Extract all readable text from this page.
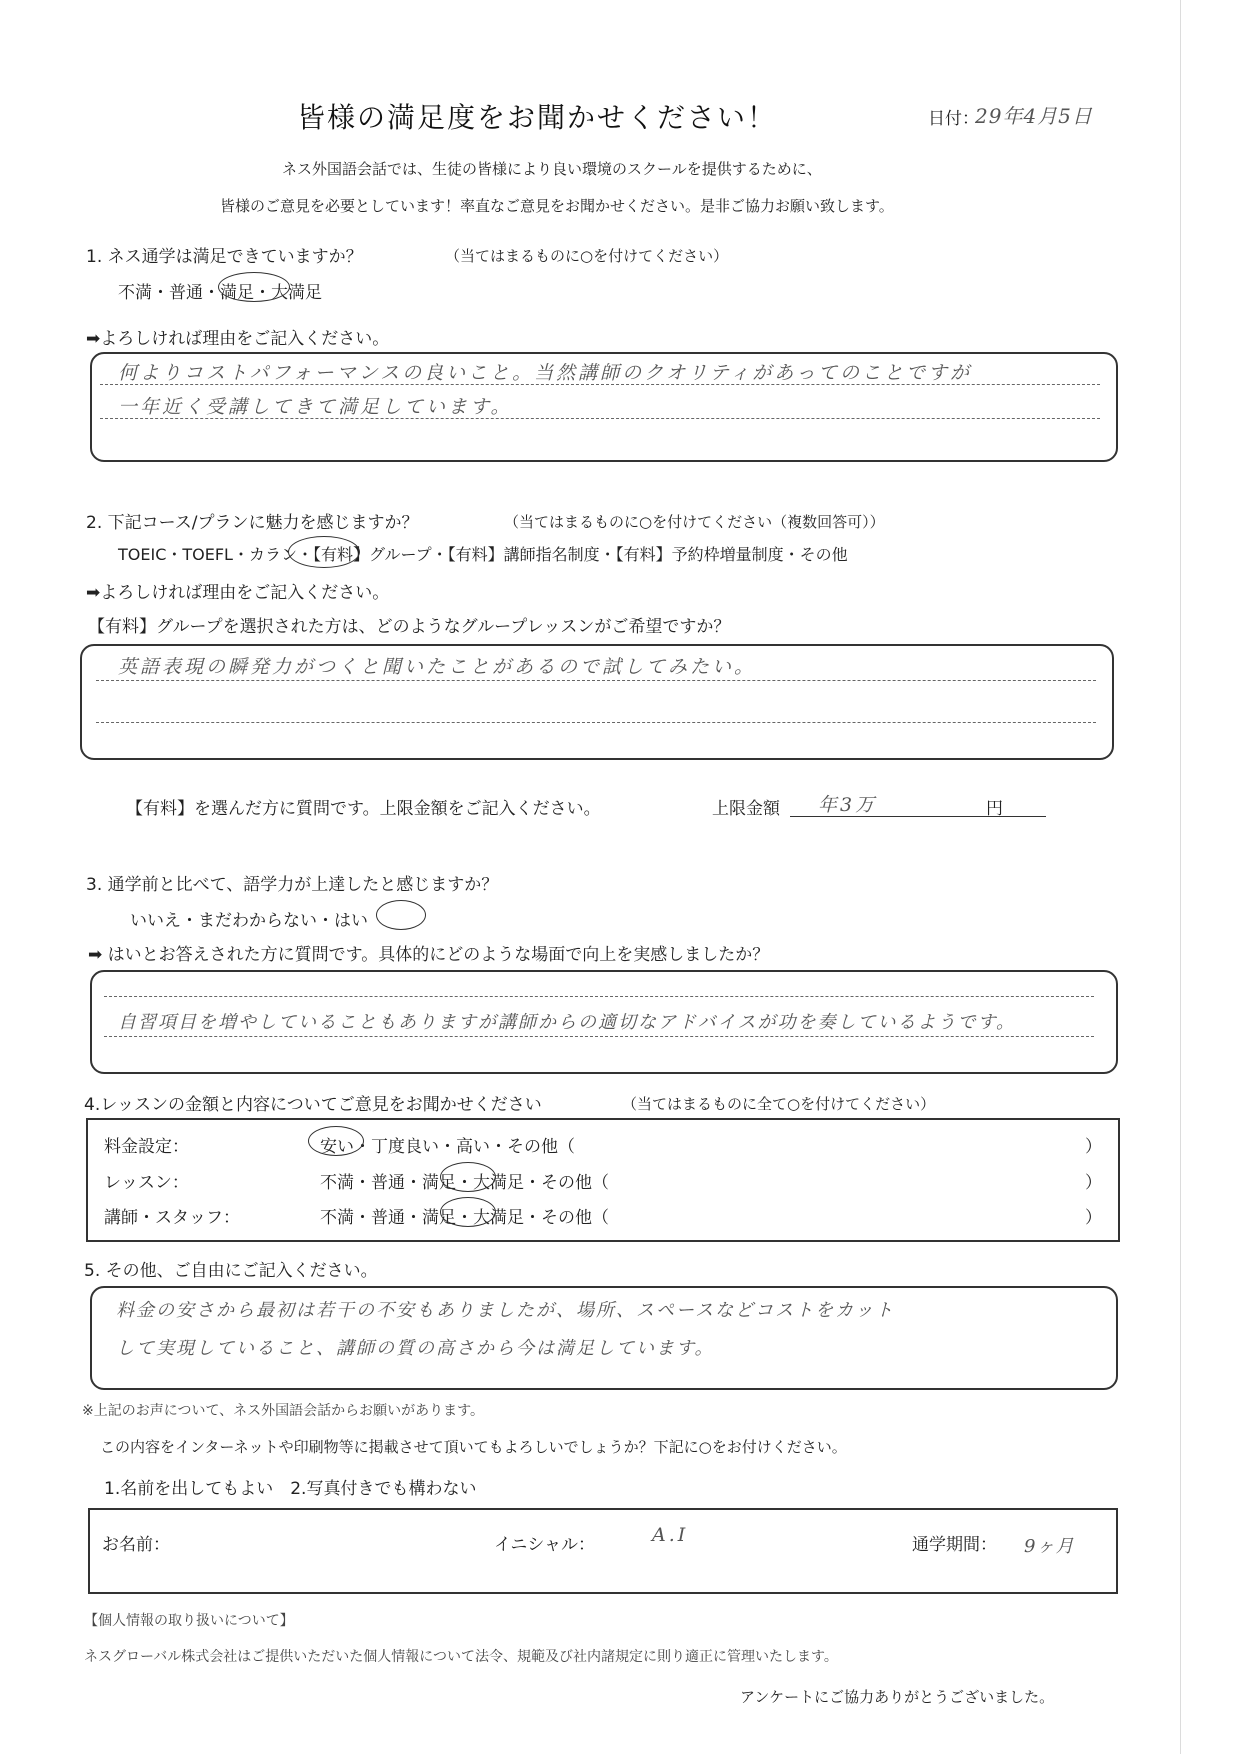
皆様の満足度をお聞かせください！	日付：
29年4月5日
ネス外国語会話では、生徒の皆様により良い環境のスクールを提供するために、
皆様のご意見を必要としています！率直なご意見をお聞かせください。是非ご協力お願い致します。
1. ネス通学は満足できていますか？	（当てはまるものに○を付けてください）
不満・普通・満足・大満足
➡よろしければ理由をご記入ください。
何よりコストパフォーマンスの良いこと。当然講師のクオリティがあってのことですが
一年近く受講してきて満足しています。
2. 下記コース/プランに魅力を感じますか？	（当てはまるものに○を付けてください（複数回答可））
TOEIC・TOEFL・カラン・【有料】グループ・【有料】講師指名制度・【有料】予約枠増量制度・その他
➡よろしければ理由をご記入ください。
【有料】グループを選択された方は、どのようなグループレッスンがご希望ですか？
英語表現の瞬発力がつくと聞いたことがあるので試してみたい。
【有料】を選んだ方に質問です。上限金額をご記入ください。	上限金額 年3万	円
3. 通学前と比べて、語学力が上達したと感じますか？
いいえ・まだわからない・はい
➡ はいとお答えされた方に質問です。具体的にどのような場面で向上を実感しましたか？
自習項目を増やしていることもありますが講師からの適切なアドバイスが功を奏しているようです。
4.レッスンの金額と内容についてご意見をお聞かせください	（当てはまるものに全て○を付けてください）
料金設定：	安い・丁度良い・高い・その他（	）
レッスン：	不満・普通・満足・大満足・その他（	）
講師・スタッフ：	不満・普通・満足・大満足・その他（	）
5. その他、ご自由にご記入ください。
料金の安さから最初は若干の不安もありましたが、場所、スペースなどコストをカット
して実現していること、講師の質の高さから今は満足しています。
※上記のお声について、ネス外国語会話からお願いがあります。
この内容をインターネットや印刷物等に掲載させて頂いてもよろしいでしょうか？下記に○をお付けください。
1.名前を出してもよい　2.写真付きでも構わない
お名前：	イニシャル：	A.I	通学期間： 9ヶ月
【個人情報の取り扱いについて】
ネスグローバル株式会社はご提供いただいた個人情報について法令、規範及び社内諸規定に則り適正に管理いたします。
アンケートにご協力ありがとうございました。
